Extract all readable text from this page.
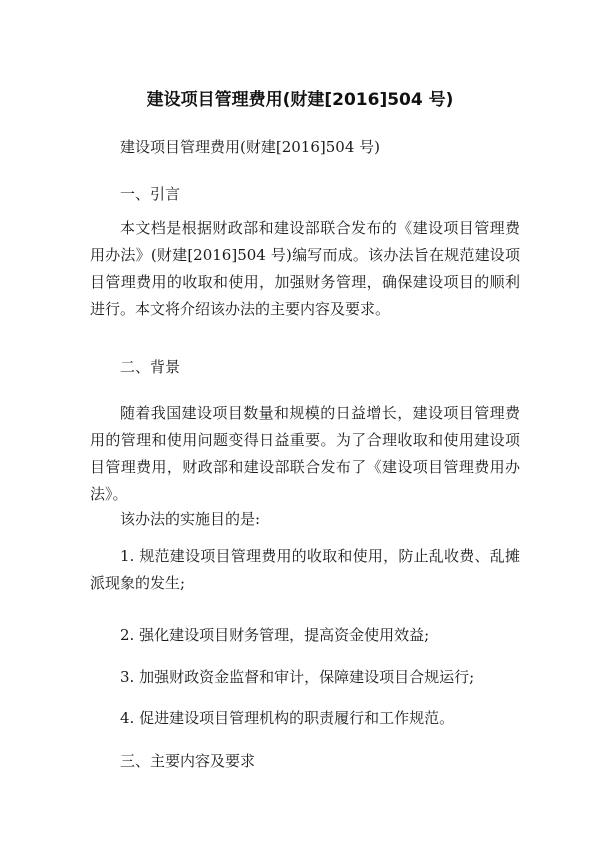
建设项目管理费用(财建[2016]504 号)
建设项目管理费用(财建[2016]504 号)
一、引言
本文档是根据财政部和建设部联合发布的《建设项目管理费用办法》(财建[2016]504 号)编写而成。该办法旨在规范建设项目管理费用的收取和使用，加强财务管理，确保建设项目的顺利进行。本文将介绍该办法的主要内容及要求。
二、背景
随着我国建设项目数量和规模的日益增长，建设项目管理费用的管理和使用问题变得日益重要。为了合理收取和使用建设项目管理费用，财政部和建设部联合发布了《建设项目管理费用办法》。
该办法的实施目的是:
1. 规范建设项目管理费用的收取和使用，防止乱收费、乱摊派现象的发生;
2. 强化建设项目财务管理，提高资金使用效益;
3. 加强财政资金监督和审计，保障建设项目合规运行;
4. 促进建设项目管理机构的职责履行和工作规范。
三、主要内容及要求
